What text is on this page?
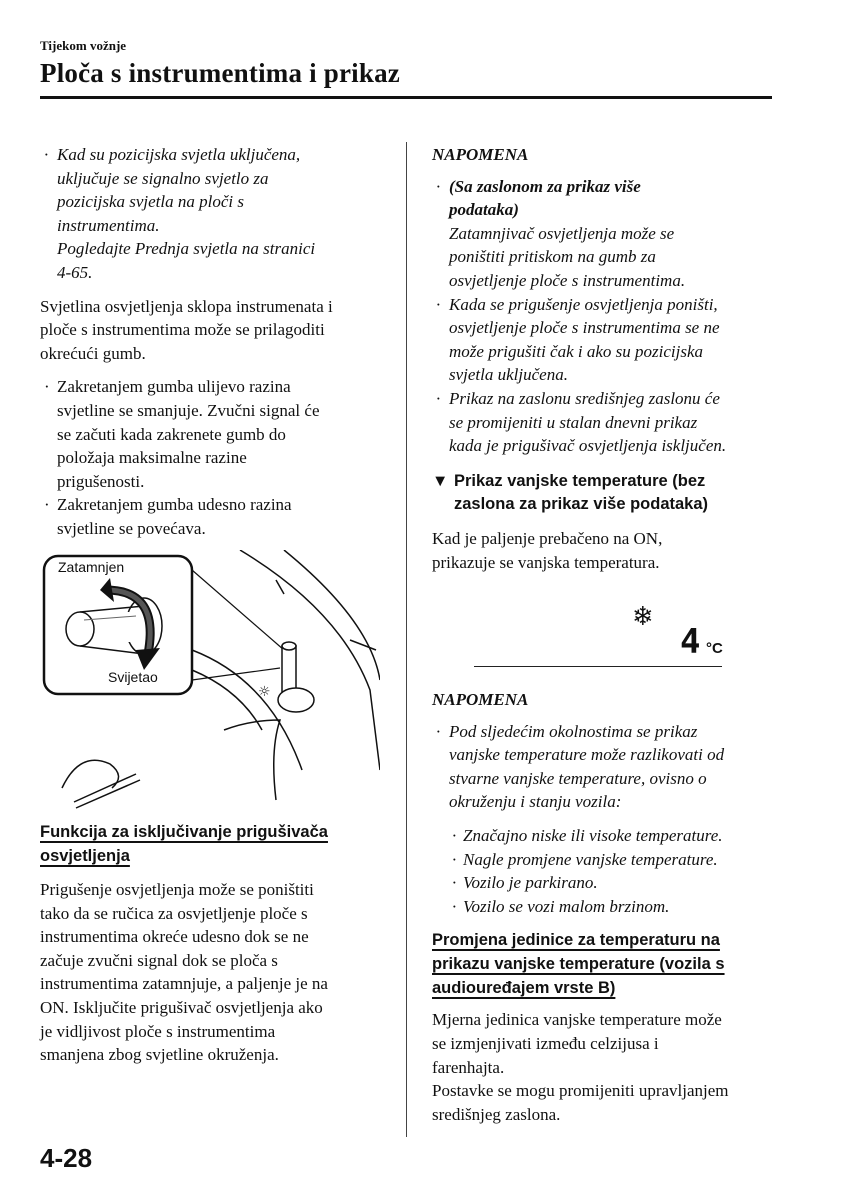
Tijekom vožnje
Ploča s instrumentima i prikaz
· Kad su pozicijska svjetla uključena,
uključuje se signalno svjetlo za
pozicijska svjetla na ploči s
instrumentima.
Pogledajte Prednja svjetla na stranici
4-65.
Svjetlina osvjetljenja sklopa instrumenata i
ploče s instrumentima može se prilagoditi
okrećući gumb.
· Zakretanjem gumba ulijevo razina
svjetline se smanjuje. Zvučni signal će
se začuti kada zakrenete gumb do
položaja maksimalne razine
prigušenosti.
· Zakretanjem gumba udesno razina
svjetline se povećava.
Zatamnjen
Svijetao
☼
Funkcija za isključivanje prigušivača
osvjetljenja
Prigušenje osvjetljenja može se poništiti
tako da se ručica za osvjetljenje ploče s
instrumentima okreće udesno dok se ne
začuje zvučni signal dok se ploča s
instrumentima zatamnjuje, a paljenje je na
ON. Isključite prigušivač osvjetljenja ako
je vidljivost ploče s instrumentima
smanjena zbog svjetline okruženja.
NAPOMENA
· (Sa zaslonom za prikaz više
podataka)
Zatamnjivač osvjetljenja može se
poništiti pritiskom na gumb za
osvjetljenje ploče s instrumentima.
· Kada se prigušenje osvjetljenja poništi,
osvjetljenje ploče s instrumentima se ne
može prigušiti čak i ako su pozicijska
svjetla uključena.
· Prikaz na zaslonu središnjeg zaslonu će
se promijeniti u stalan dnevni prikaz
kada je prigušivač osvjetljenja isključen.
▼ Prikaz vanjske temperature (bez
zaslona za prikaz više podataka)
Kad je paljenje prebačeno na ON,
prikazuje se vanjska temperatura.
❄
4 °C
NAPOMENA
· Pod sljedećim okolnostima se prikaz
vanjske temperature može razlikovati od
stvarne vanjske temperature, ovisno o
okruženju i stanju vozila:
· Značajno niske ili visoke temperature.
· Nagle promjene vanjske temperature.
· Vozilo je parkirano.
· Vozilo se vozi malom brzinom.
Promjena jedinice za temperaturu na
prikazu vanjske temperature (vozila s
audiouređajem vrste B)
Mjerna jedinica vanjske temperature može
se izmjenjivati između celzijusa i
farenhajta.
Postavke se mogu promijeniti upravljanjem
središnjeg zaslona.
4-28
